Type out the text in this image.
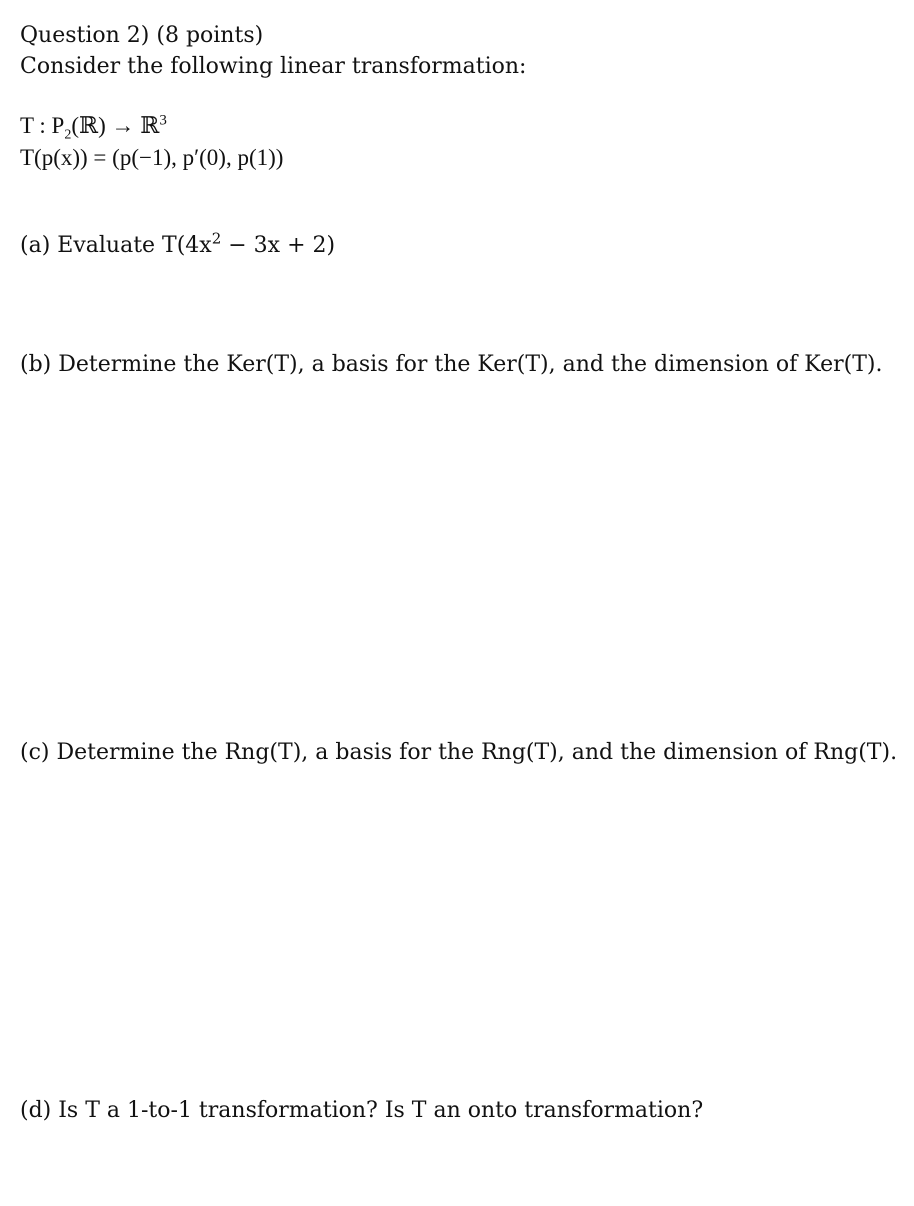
Question 2) (8 points)
Consider the following linear transformation:
T : $P_2(ℝ)$ → ℝ$^3$
T(p(x)) = (p(−1), p′(0), p(1))
(a) Evaluate $T(4x^2 - 3x + 2)$
(b) Determine the Ker(T), a basis for the Ker(T), and the dimension of Ker(T).
(c) Determine the Rng(T), a basis for the Rng(T), and the dimension of Rng(T).
(d) Is T a 1-to-1 transformation? Is T an onto transformation?
